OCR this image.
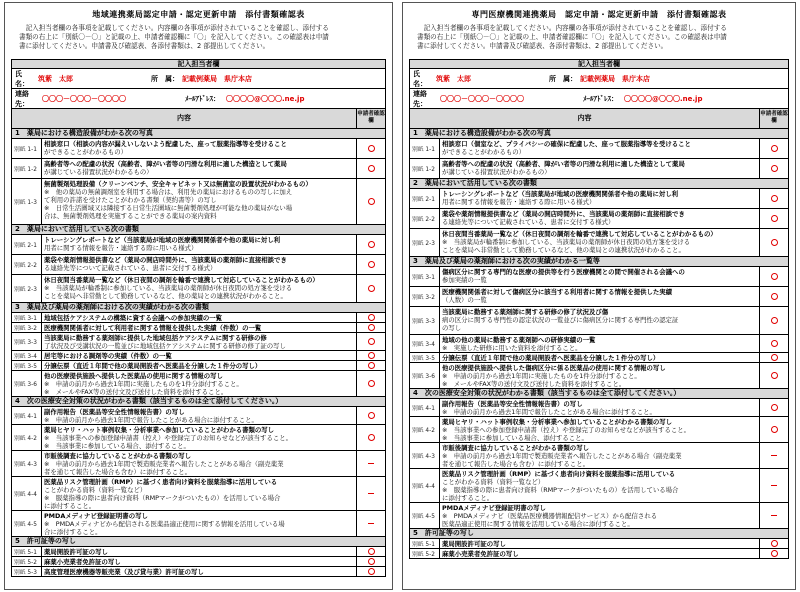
地域連携薬局認定申請・認定更新申請　添付書類確認表
　記入担当者欄の各事項を記載してください。内容欄の各事項が添付されていることを確認し、添付する
書類の右上に「別紙〇－〇」と記載の上、申請者確認欄に「〇」を記入してください。この確認表は申請
書に添付してください。申請書及び確認表、各添付書類は、2 部提出してください。
記入担当者欄
氏　名：
筑紫　太郎	所　属： 記載例薬局　県庁本店
連絡先：
〇〇〇－〇〇〇－〇〇〇〇	ﾒｰﾙｱﾄﾞﾚｽ： 〇〇〇〇@〇〇〇.ne.jp
内容	申請者確認欄
1　薬局における構造設備がわかる次の写真
別紙 1-1
相談窓口（相談の内容が漏えいしないよう配慮した、座って服薬指導等を受けること
ができることがわかるもの）
別紙 1-2
高齢者等への配慮の状況（高齢者、障がい者等の円滑な利用に適した構造として薬局
が講じている措置状況がわかるもの）
別紙 1-3
無菌製剤処理設備（クリーンベンチ、安全キャビネット又は無菌室の設置状況がわかるもの）
※　他の薬局の無菌調剤室を利用する場合は、利用先の薬局におけるものの写しに加え
て利用の許諾を受けたことがわかる書類（契約書等）の写し
※　日常生活圏域又は隣接する日常生活圏域に無菌製剤処理が可能な他の薬局がない場
合は、無菌製剤処理を実施することができる薬局の案内資料
2　薬局において活用している次の書類
別紙 2-1
トレーシングレポートなど（当該薬局が地域の医療機関関係者や他の薬局に対し利
用者に関する情報を報告・連絡する際に用いる様式）
別紙 2-2
薬袋や薬剤情報提供書など（薬局の開店時間外に、当該薬局の薬剤師に直接相談でき
る連絡先等について記載されている、患者に交付する様式）
別紙 2-3
休日夜間当番薬局一覧など（休日夜間の調剤を輪番で連携して対応していることがわかるもの）
※　当該薬局が輪番制に参加している、当該薬局の薬剤師が休日夜間の処方箋を受ける
ことを薬局へ非常勤として勤務しているなど、他の薬局との連携状況がわかること。
3　薬局及び薬局の薬剤師における次の実績がわかる次の書類
別紙 3-1	地域包括ケアシステムの構築に資する会議への参加実績の一覧
別紙 3-2	医療機関関係者に対して利用者に関する情報を提供した実績（件数）の一覧
別紙 3-3
当該薬局に勤務する薬剤師に提供した地域包括ケアシステムに関する研修の修
了状況及び受講状況の一覧並びに地域包括ケアシステムに関する研修の修了証の写し
別紙 3-4	居宅等における調剤等の実績（件数）の一覧
別紙 3-5	分譲伝票（直近１年間で他の薬局開設者へ医薬品を分譲した１件分の写し）
別紙 3-6
他の医療提供施設へ提供した医薬品の使用に関する情報の写し
※　申請の前月から過去1年間に実施したものを1件分添付すること。
※　メールやFAX等の送付文及び送付した資料を添付すること。
4　次の医療安全対策の状況がわかる書類（該当するものは全て添付してください。）
別紙 4-1
副作用報告（医薬品等安全性情報報告書）の写し
※　申請の前月から過去1年間で報告したことがある場合に添付すること。
別紙 4-2
薬局ヒヤリ・ハット事例収集・分析事業へ参加していることがわかる書類の写し
※　当該事業への参加登録申請書（控え）や登録完了のお知らせなどが該当すること。
※　当該事業に参加している場合、添付すること。
別紙 4-3
市販後調査に協力していることがわかる書類の写し
※　申請の前月から過去1年間で製造販売業者へ報告したことがある場合（副売薬業
者を通じて報告した場合も含む）に添付すること。
別紙 4-4
医薬品リスク管理計画（RMP）に基づく患者向け資料を服薬指導に活用している
ことがわかる資料（資料一覧など）
※　服薬指導の際に患者向け資料（RMPマークがついたもの）を活用している場合
に添付すること。
別紙 4-5
PMDAメディナビ登録証明書の写し
※　PMDAメディナビから配信される医薬品適正使用に関する情報を活用している場
合に添付すること。
5　許可証等の写し
別紙 5-1	薬局開設許可証の写し
別紙 5-2	麻薬小売業者免許証の写し
別紙 5-3	高度管理医療機器等販売業（及び貸与業）許可証の写し
専門医療機関連携薬局　認定申請・認定更新申請　添付書類確認表
　記入担当者欄の各事項を記載してください。内容欄の各事項が添付されていることを確認し、添付する
書類の右上に「別紙〇－〇」と記載の上、申請者確認欄に「〇」を記入してください。この確認表は申請
書に添付してください。申請書及び確認表、各添付書類は、2 部提出してください。
記入担当者欄
氏　名：
筑紫　太郎	所　属： 記載例薬局　県庁本店
連絡先：
〇〇〇－〇〇〇－〇〇〇〇	ﾒｰﾙｱﾄﾞﾚｽ： 〇〇〇〇@〇〇〇.ne.jp
内容	申請者確認欄
1　薬局における構造設備がわかる次の写真
別紙 1-1
相談窓口（個室など、プライバシーの確保に配慮した、座って服薬指導等を受けること
ができることがわかるもの）
別紙 1-2
高齢者等への配慮の状況（高齢者、障がい者等の円滑な利用に適した構造として薬局
が講じている措置状況がわかるもの）
2　薬局において活用している次の書類
別紙 2-1
トレーシングレポートなど（当該薬局が地域の医療機関関係者や他の薬局に対し利
用者に関する情報を報告・連絡する際に用いる様式）
別紙 2-2
薬袋や薬剤情報提供書など（薬局の開店時間外に、当該薬局の薬剤師に直接相談でき
る連絡先等について記載されている、患者に交付する様式）
別紙 2-3
休日夜間当番薬局一覧など（休日夜間の調剤を輪番で連携して対応していることがわかるもの）
※　当該薬局が輪番制に参加している、当該薬局の薬剤師が休日夜間の処方箋を受ける
ことを薬局へ非常勤として勤務しているなど、他の薬局との連携状況がわかること。
3　薬局及び薬局の薬剤師における次の実績がわかる一覧等
別紙 3-1
傷病区分に関する専門的な医療の提供等を行う医療機関との間で開催される会議への
参加実績の一覧
別紙 3-2
医療機関関係者に対して傷病区分に該当する利用者に関する情報を提供した実績
（人数）の一覧
別紙 3-3
当該薬局に勤務する薬剤師に関する研修の修了状況及び傷
病の区分に関する専門性の認定状況の一覧並びに傷病区分に関する専門性の認定証
の写し
別紙 3-4
地域の他の薬局に勤務する薬剤師への研修実績の一覧
※　実施した研修に用いた資料を添付すること。
別紙 3-5	分譲伝票（直近１年間で他の薬局開設者へ医薬品を分譲した１件分の写し）
別紙 3-6
他の医療提供施設へ提供した傷病区分に係る医薬品の使用に関する情報の写し
※　申請の前月から過去1年間に実施したものを1件分添付すること。
※　メールやFAX等の送付文及び送付した資料を添付すること。
4　次の医療安全対策の状況がわかる書類（該当するものは全て添付してください。）
別紙 4-1
副作用報告（医薬品等安全性情報報告書）の写し
※　申請の前月から過去1年間で報告したことがある場合に添付すること。
別紙 4-2
薬局ヒヤリ・ハット事例収集・分析事業へ参加していることがわかる書類の写し
※　当該事業への参加登録申請書（控え）や登録完了のお知らせなどが該当すること。
※　当該事業に参加している場合、添付すること。
別紙 4-3
市販後調査に協力していることがわかる書類の写し
※　申請の前月から過去1年間で製造販売業者へ報告したことがある場合（副売薬業
者を通じて報告した場合も含む）に添付すること。
別紙 4-4
医薬品リスク管理計画（RMP）に基づく患者向け資料を服薬指導に活用している
ことがわかる資料（資料一覧など）
※　服薬指導の際に患者向け資料（RMPマークがついたもの）を活用している場合
に添付すること。
別紙 4-5
PMDAメディナビ登録証明書の写し
※　PMDAメディナビ（医薬品医療機器情報配信サービス）から配信される
医薬品適正使用に関する情報を活用している場合に添付すること。
5　許可証等の写し
別紙 5-1	薬局開設許可証の写し
別紙 5-2	麻薬小売業者免許証の写し
